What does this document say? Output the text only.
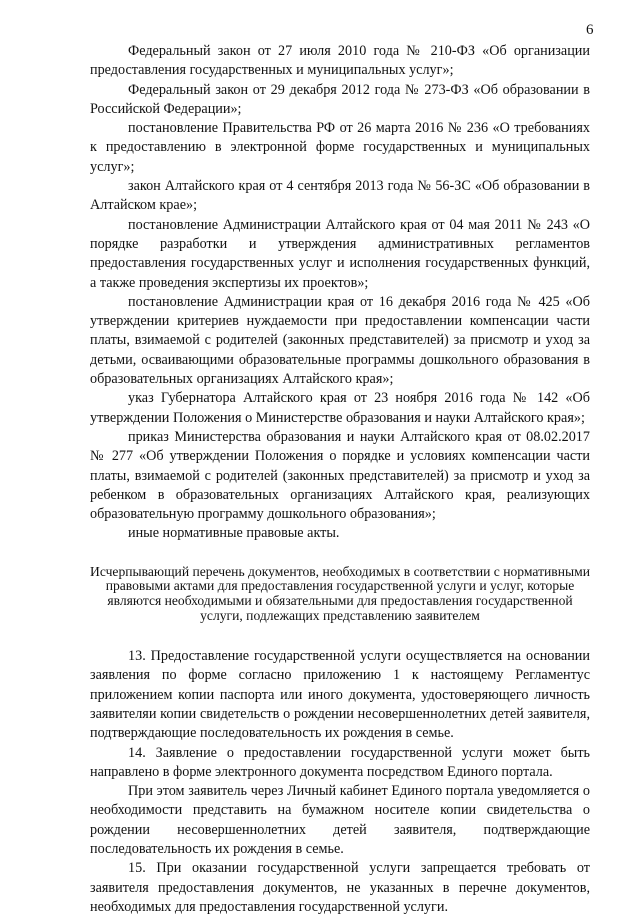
6

Федеральный закон от 27 июля 2010 года № 210-ФЗ «Об организации предоставления государственных и муниципальных услуг»;

Федеральный закон от 29 декабря 2012 года № 273-ФЗ «Об образовании в Российской Федерации»;

постановление Правительства РФ от 26 марта 2016 № 236 «О требованиях к предоставлению в электронной форме государственных и муниципальных услуг»;

закон Алтайского края от 4 сентября 2013 года № 56-ЗС «Об образовании в Алтайском крае»;

постановление Администрации Алтайского края от 04 мая 2011 № 243 «О порядке разработки и утверждения административных регламентов предоставления государственных услуг и исполнения государственных функций, а также проведения экспертизы их проектов»;

постановление Администрации края от 16 декабря 2016 года № 425 «Об утверждении критериев нуждаемости при предоставлении компенсации части платы, взимаемой с родителей (законных представителей) за присмотр и уход за детьми, осваивающими образовательные программы дошкольного образования в образовательных организациях Алтайского края»;

указ Губернатора Алтайского края от 23 ноября 2016 года № 142 «Об утверждении Положения о Министерстве образования и науки Алтайского края»;

приказ Министерства образования и науки Алтайского края от 08.02.2017 № 277 «Об утверждении Положения о порядке и условиях компенсации части платы, взимаемой с родителей (законных представителей) за присмотр и уход за ребенком в образовательных организациях Алтайского края, реализующих образовательную программу дошкольного образования»;

иные нормативные правовые акты.

Исчерпывающий перечень документов, необходимых в соответствии с нормативными правовыми актами для предоставления государственной услуги и услуг, которые являются необходимыми и обязательными для предоставления государственной услуги, подлежащих представлению заявителем

13. Предоставление государственной услуги осуществляется на основании заявления по форме согласно приложению 1 к настоящему Регламентус приложением копии паспорта или иного документа, удостоверяющего личность заявителяи копии свидетельств о рождении несовершеннолетних детей заявителя, подтверждающие последовательность их рождения в семье.

14. Заявление о предоставлении государственной услуги может быть направлено в форме электронного документа посредством Единого портала.

При этом заявитель через Личный кабинет Единого портала уведомляется о необходимости представить на бумажном носителе копии свидетельства о рождении несовершеннолетних детей заявителя, подтверждающие последовательность их рождения в семье.

15. При оказании государственной услуги запрещается требовать от заявителя предоставления документов, не указанных в перечне документов, необходимых для предоставления государственной услуги.
